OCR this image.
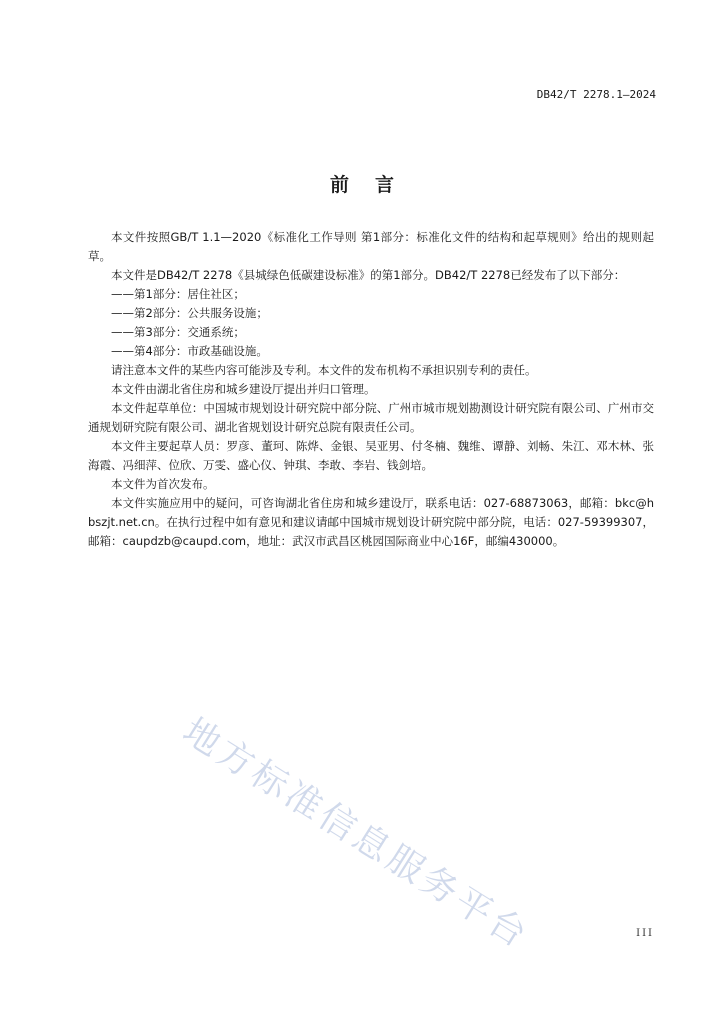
DB42/T 2278.1—2024
前言

本文件按照GB/T 1.1—2020《标准化工作导则 第1部分：标准化文件的结构和起草规则》给出的规则起草。

本文件是DB42/T 2278《县城绿色低碳建设标准》的第1部分。DB42/T 2278已经发布了以下部分：

——第1部分：居住社区；

——第2部分：公共服务设施；

——第3部分：交通系统；

——第4部分：市政基础设施。

请注意本文件的某些内容可能涉及专利。本文件的发布机构不承担识别专利的责任。

本文件由湖北省住房和城乡建设厅提出并归口管理。

本文件起草单位：中国城市规划设计研究院中部分院、广州市城市规划勘测设计研究院有限公司、广州市交通规划研究院有限公司、湖北省规划设计研究总院有限责任公司。

本文件主要起草人员：罗彦、董珂、陈烨、金银、吴亚男、付冬楠、魏维、谭静、刘畅、朱江、邓木林、张海霞、冯细萍、位欣、万雯、盛心仪、钟琪、李敢、李岩、钱剑培。

本文件为首次发布。

本文件实施应用中的疑问，可咨询湖北省住房和城乡建设厅，联系电话：027-68873063，邮箱：bkc@hbszjt.net.cn。在执行过程中如有意见和建议请邮中国城市规划设计研究院中部分院，电话：027-59399307，邮箱：caupdzb@caupd.com，地址：武汉市武昌区桃园国际商业中心16F，邮编430000。

地方标准信息服务平台	III
